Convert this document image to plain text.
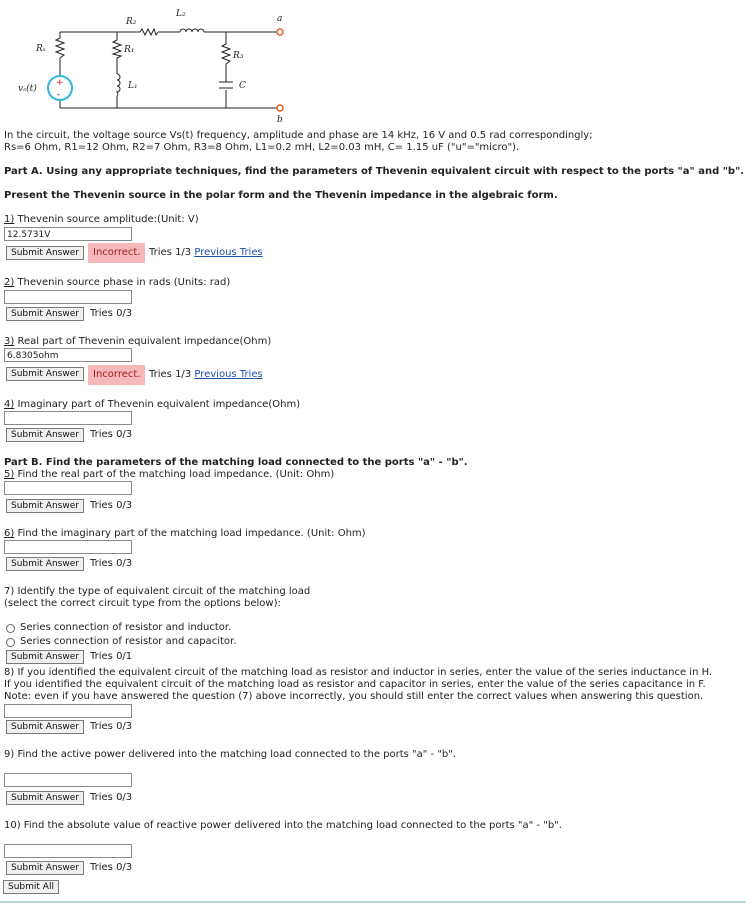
+
-
R₂
L₂	a
Rₛ	R₁
R₃
vₛ(t)	L₁	C
b
In the circuit, the voltage source Vs(t) frequency, amplitude and phase are 14 kHz, 16 V and 0.5 rad correspondingly;
Rs=6 Ohm, R1=12 Ohm, R2=7 Ohm, R3=8 Ohm, L1=0.2 mH, L2=0.03 mH, C= 1.15 uF ("u"="micro").
Part A. Using any appropriate techniques, find the parameters of Thevenin equivalent circuit with respect to the ports "a" and "b".
Present the Thevenin source in the polar form and the Thevenin impedance in the algebraic form.
1) Thevenin source amplitude:(Unit: V)
12.5731V
Submit Answer	Incorrect. Tries 1/3 Previous Tries
2) Thevenin source phase in rads (Units: rad)
Submit Answer	Tries 0/3
3) Real part of Thevenin equivalent impedance(Ohm)
6.8305ohm
Submit Answer	Incorrect. Tries 1/3 Previous Tries
4) Imaginary part of Thevenin equivalent impedance(Ohm)
Submit Answer	Tries 0/3
Part B. Find the parameters of the matching load connected to the ports "a" - "b".
5) Find the real part of the matching load impedance. (Unit: Ohm)
Submit Answer	Tries 0/3
6) Find the imaginary part of the matching load impedance. (Unit: Ohm)
Submit Answer	Tries 0/3
7) Identify the type of equivalent circuit of the matching load
(select the correct circuit type from the options below):
Series connection of resistor and inductor.
Series connection of resistor and capacitor.
Submit Answer	Tries 0/1
8) If you identified the equivalent circuit of the matching load as resistor and inductor in series, enter the value of the series inductance in H.
If you identified the equivalent circuit of the matching load as resistor and capacitor in series, enter the value of the series capacitance in F.
Note: even if you have answered the question (7) above incorrectly, you should still enter the correct values when answering this question.
Submit Answer	Tries 0/3
9) Find the active power delivered into the matching load connected to the ports "a" - "b".
Submit Answer	Tries 0/3
10) Find the absolute value of reactive power delivered into the matching load connected to the ports "a" - "b".
Submit Answer	Tries 0/3
Submit All
